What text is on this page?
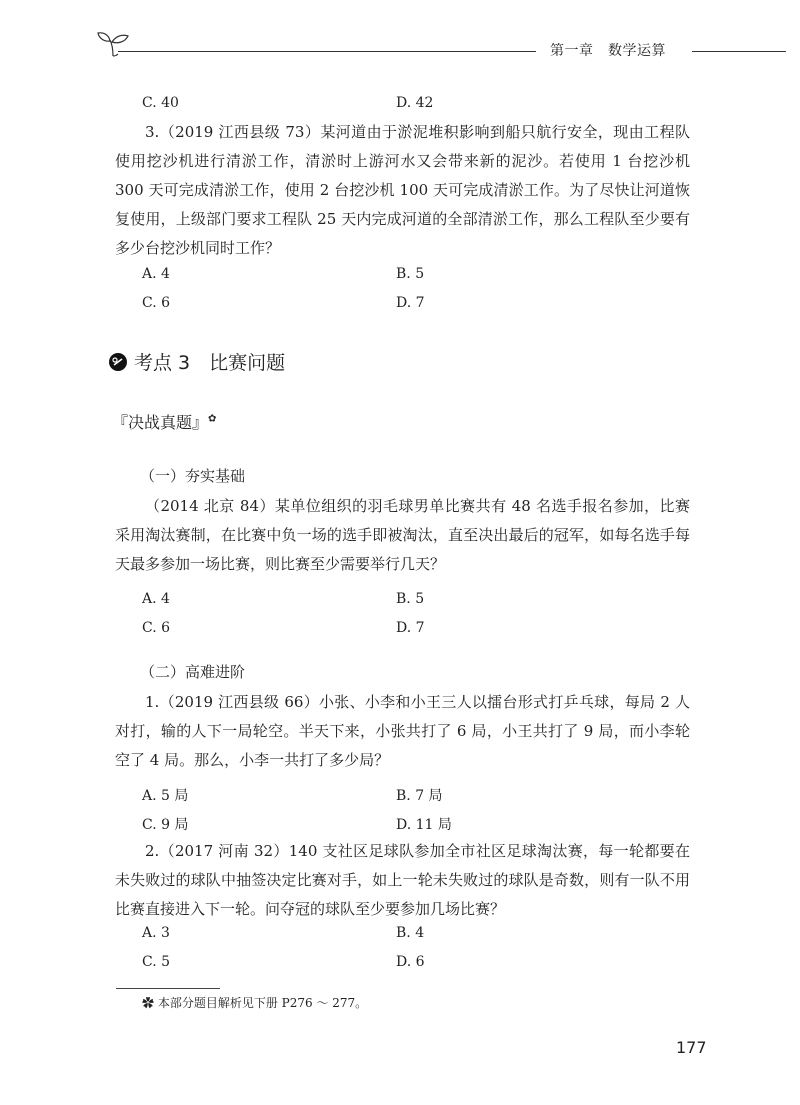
第一章　数学运算
C. 40	D. 42
3.（2019 江西县级 73）某河道由于淤泥堆积影响到船只航行安全，现由工程队使用挖沙机进行清淤工作，清淤时上游河水又会带来新的泥沙。若使用 1 台挖沙机 300 天可完成清淤工作，使用 2 台挖沙机 100 天可完成清淤工作。为了尽快让河道恢复使用，上级部门要求工程队 25 天内完成河道的全部清淤工作，那么工程队至少要有多少台挖沙机同时工作？
A. 4	B. 5
C. 6	D. 7
考点 3　比赛问题
『决战真题』✿
（一）夯实基础
（2014 北京 84）某单位组织的羽毛球男单比赛共有 48 名选手报名参加，比赛采用淘汰赛制，在比赛中负一场的选手即被淘汰，直至决出最后的冠军，如每名选手每天最多参加一场比赛，则比赛至少需要举行几天？
A. 4	B. 5
C. 6	D. 7
（二）高难进阶
1.（2019 江西县级 66）小张、小李和小王三人以擂台形式打乒乓球，每局 2 人对打，输的人下一局轮空。半天下来，小张共打了 6 局，小王共打了 9 局，而小李轮空了 4 局。那么，小李一共打了多少局？
A. 5 局	B. 7 局
C. 9 局	D. 11 局
2.（2017 河南 32）140 支社区足球队参加全市社区足球淘汰赛，每一轮都要在未失败过的球队中抽签决定比赛对手，如上一轮未失败过的球队是奇数，则有一队不用比赛直接进入下一轮。问夺冠的球队至少要参加几场比赛？
A. 3	B. 4
C. 5	D. 6
✿ 本部分题目解析见下册 P276 ～ 277。
177
